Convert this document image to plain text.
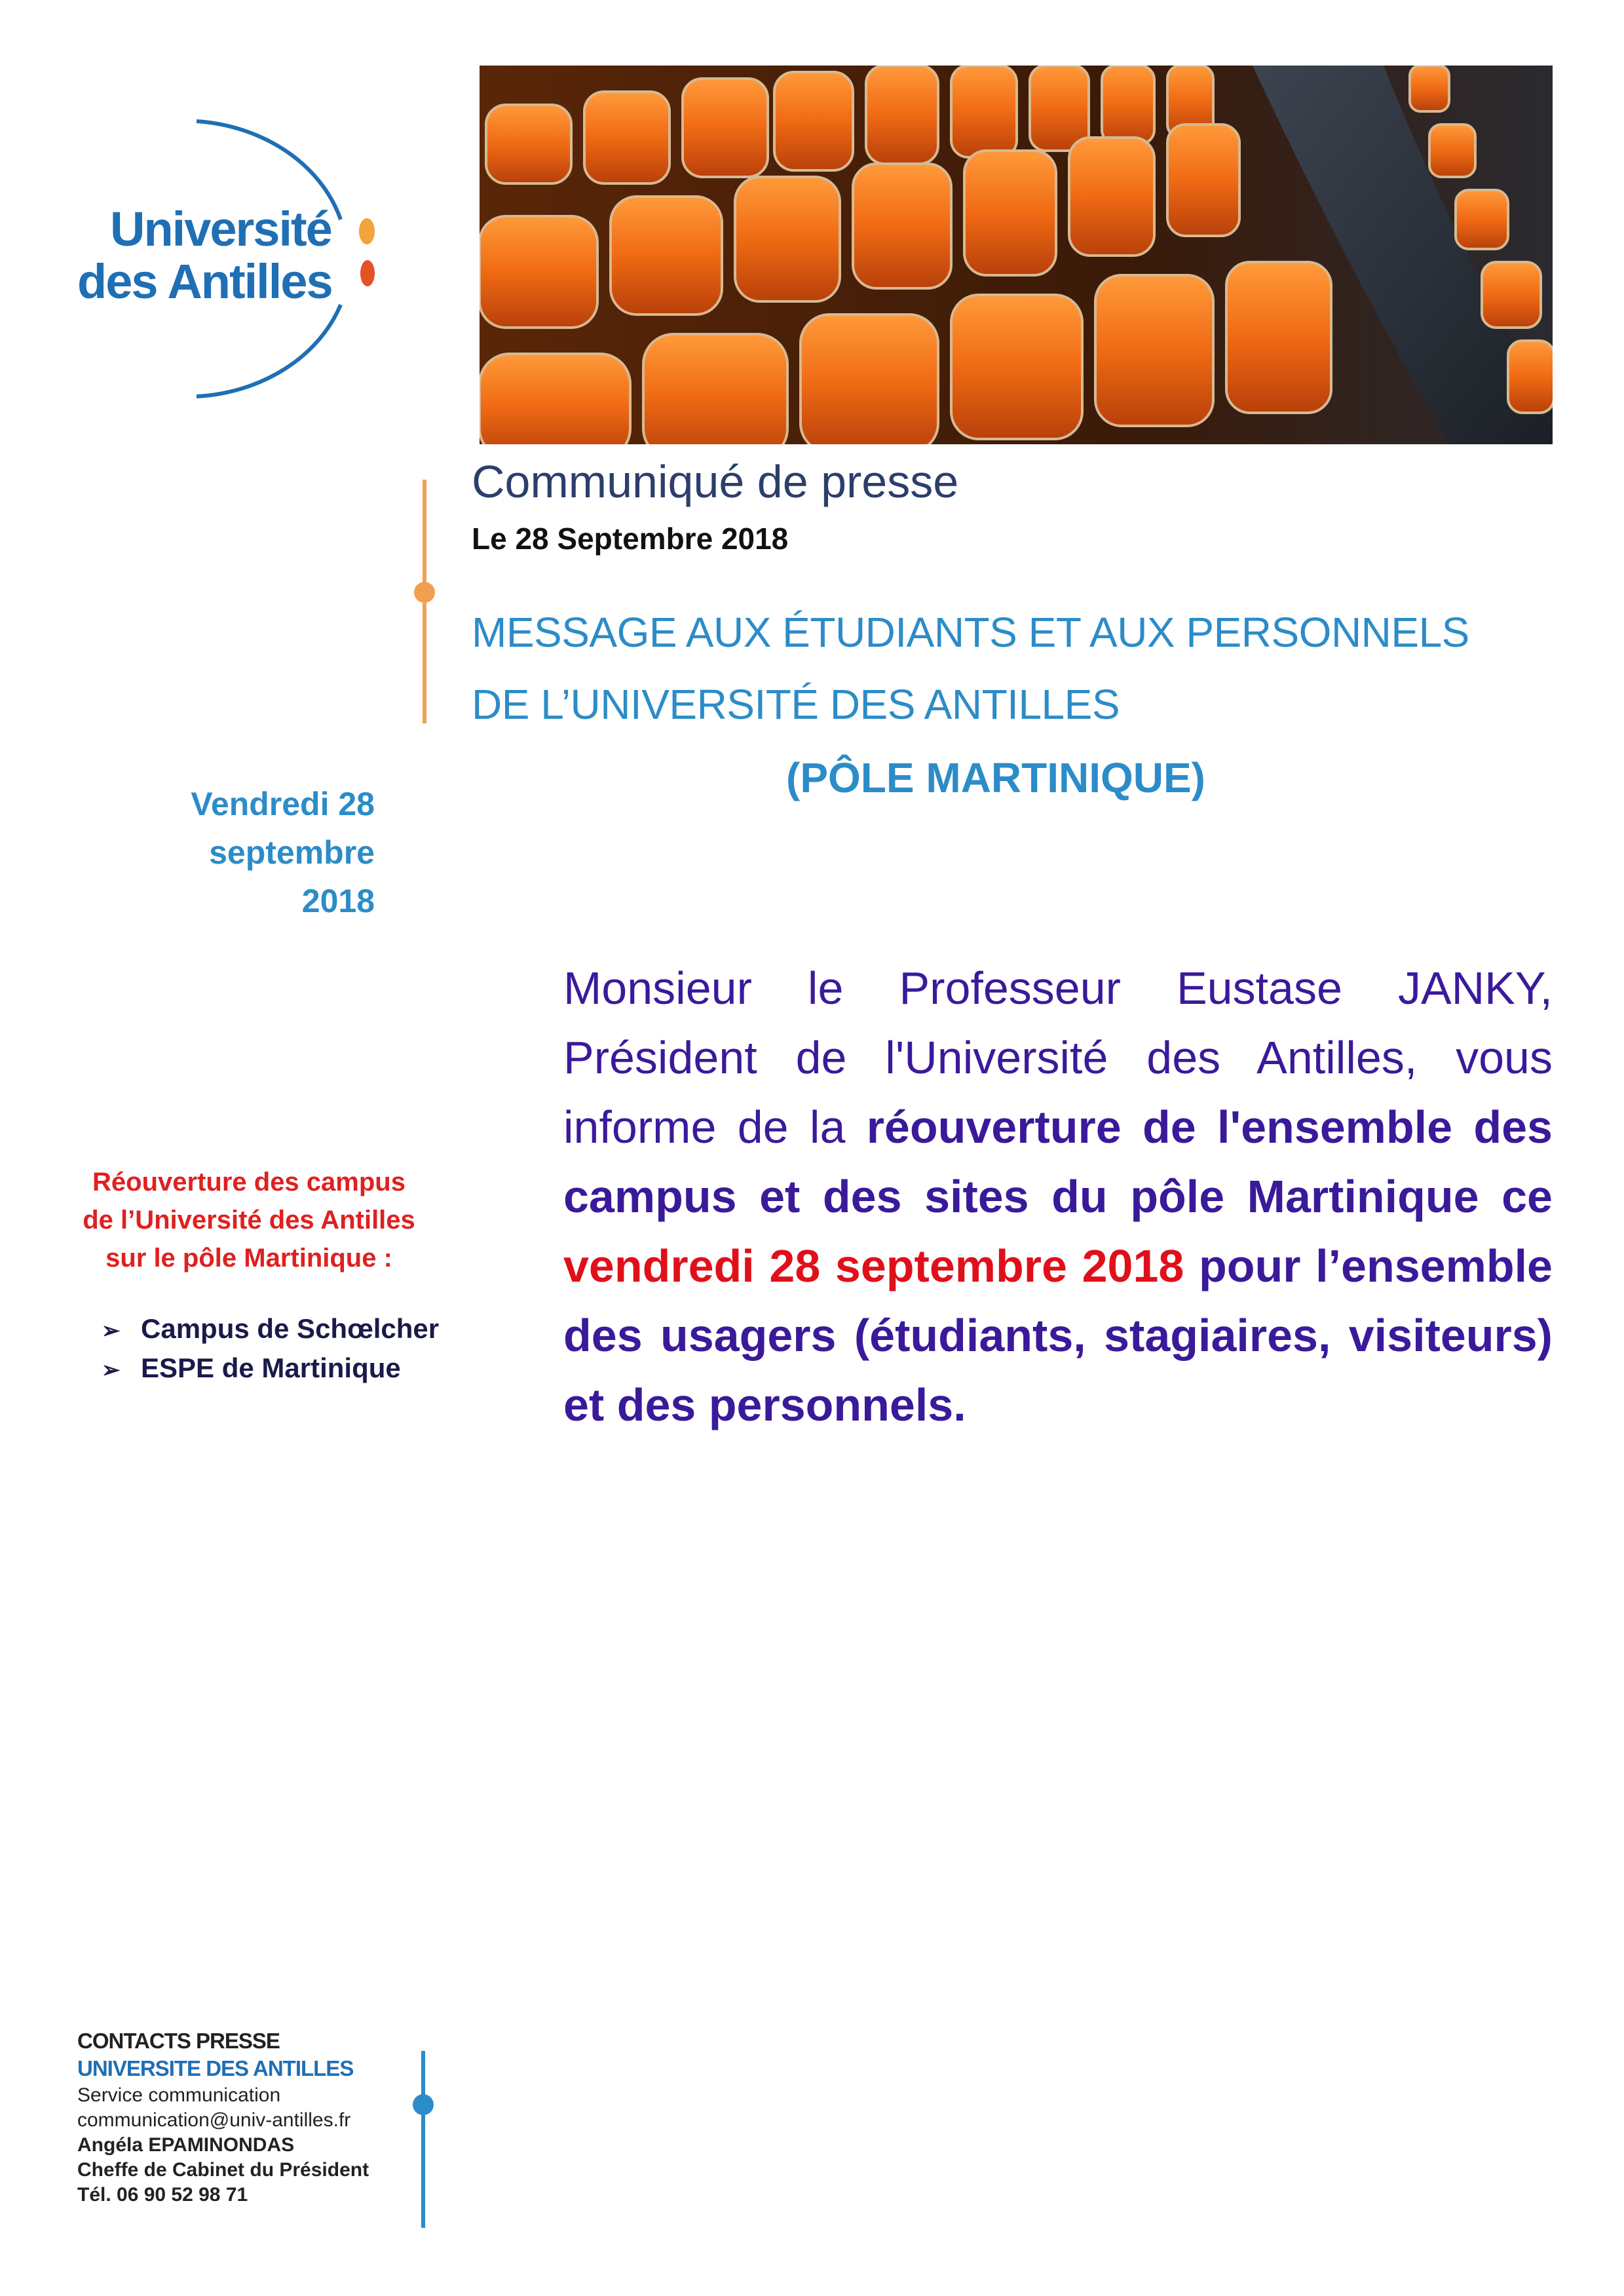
Université
des Antilles
Communiqué de presse
Le 28 Septembre 2018
MESSAGE AUX ÉTUDIANTS ET AUX PERSONNELS
DE L’UNIVERSITÉ DES ANTILLES
(PÔLE MARTINIQUE)
Vendredi 28
septembre
2018
Réouverture des campus
de l’Université des Antilles
sur le pôle Martinique :
➢ Campus de Schœlcher
➢ ESPE de Martinique

Monsieur le Professeur Eustase JANKY, Président de l'Université des Antilles, vous informe de la réouverture de l'ensemble des campus et des sites du pôle Martinique ce vendredi 28 septembre 2018 pour l’ensemble des usagers (étudiants, stagiaires, visiteurs) et des personnels.

CONTACTS PRESSE
UNIVERSITE DES ANTILLES
Service communication
communication@univ-antilles.fr
Angéla EPAMINONDAS
Cheffe de Cabinet du Président
Tél. 06 90 52 98 71
